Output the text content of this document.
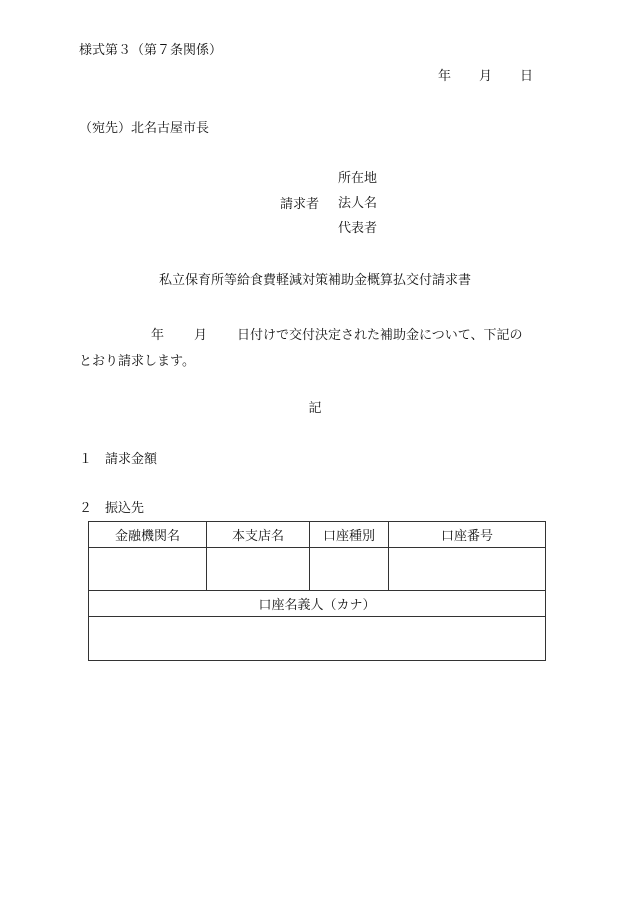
様式第３（第７条関係）
年 月 日
（宛先）北名古屋市長
請求者
所在地
法人名
代表者
私立保育所等給食費軽減対策補助金概算払交付請求書
年 月 日付けで交付決定された補助金について、下記の
とおり請求します。
記
１ 請求金額
２ 振込先
金融機関名	本支店名	口座種別	口座番号

口座名義人（カナ）			
